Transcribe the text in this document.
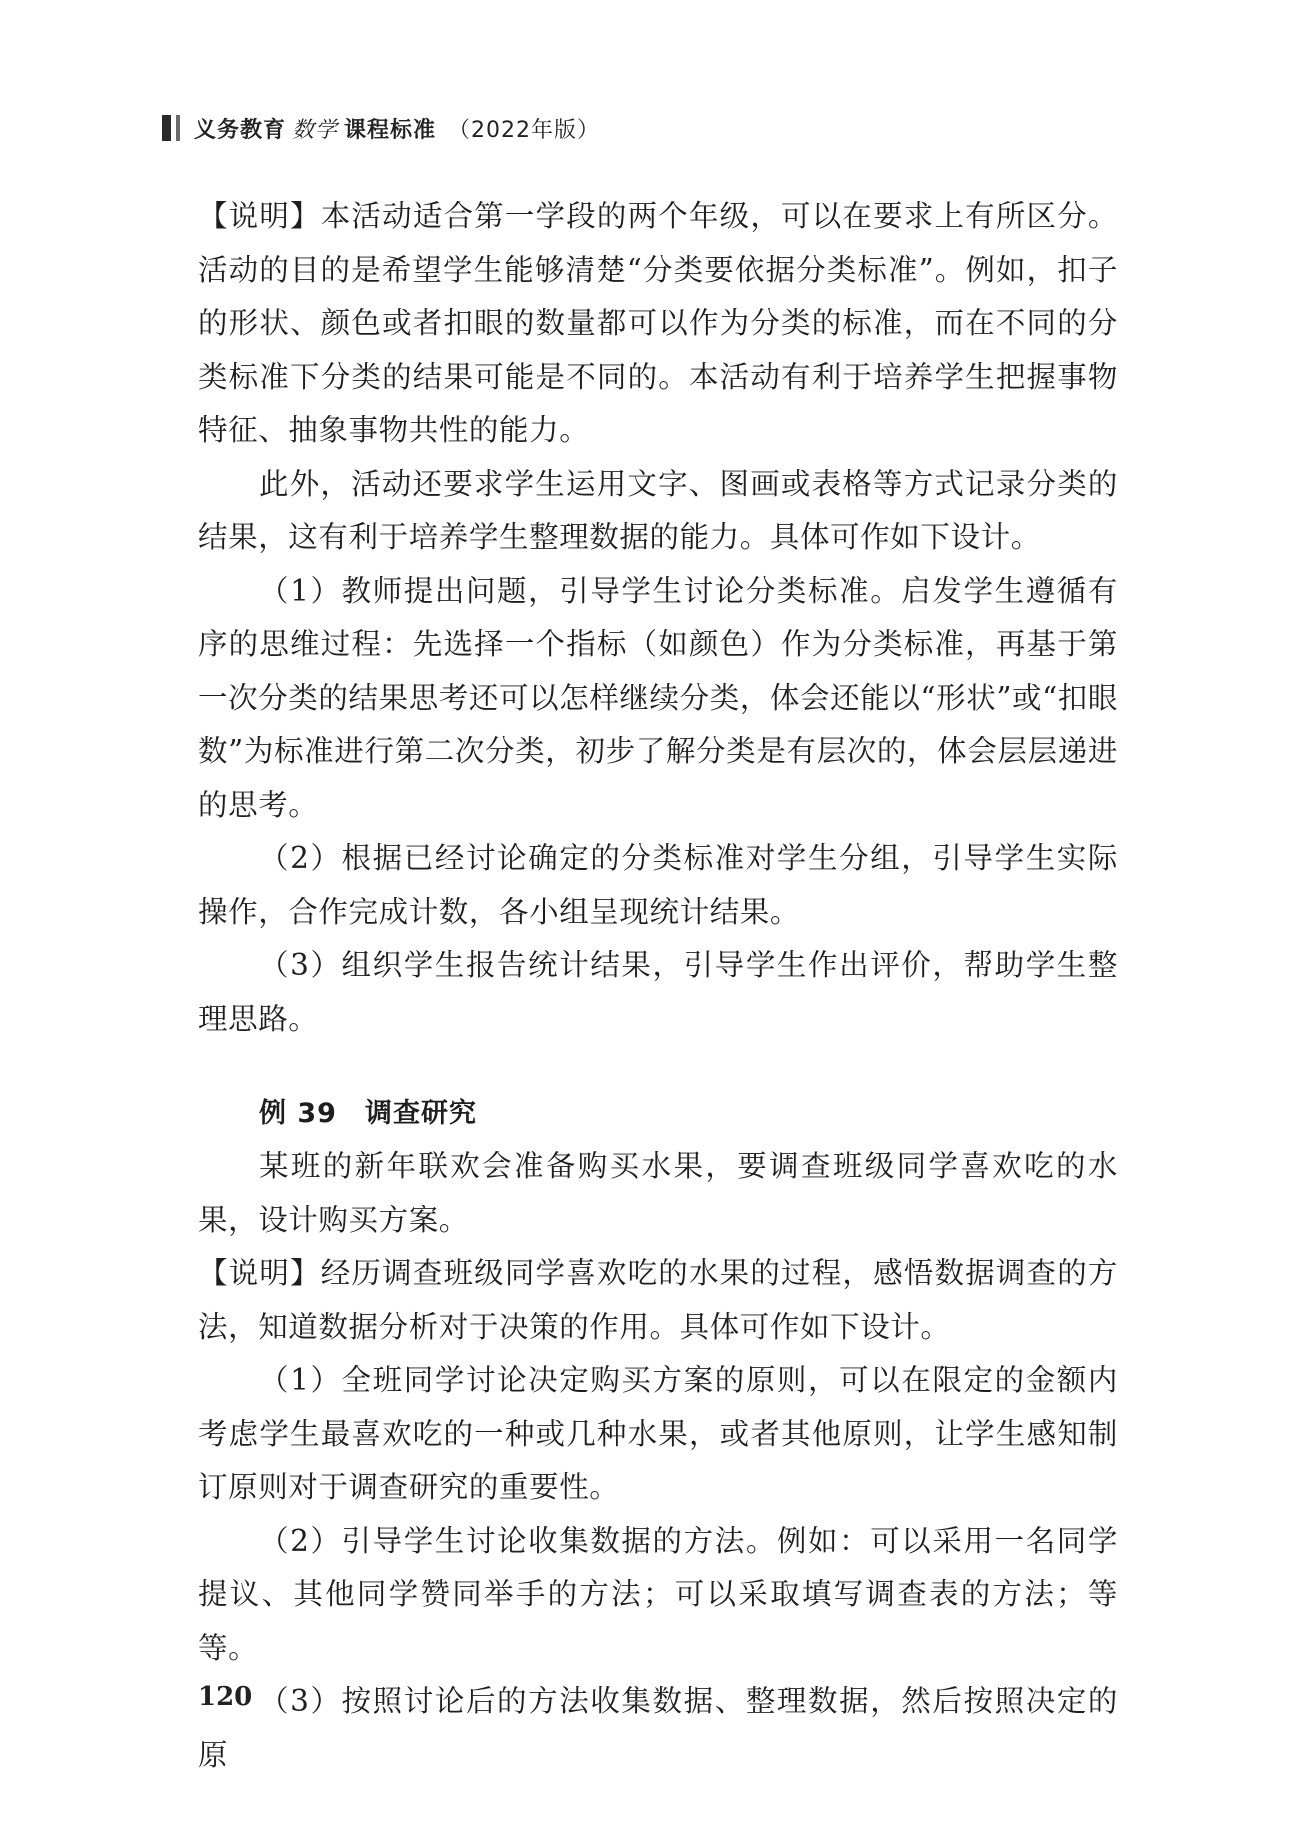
义务教育 数学 课程标准 （2022年版）

【说明】本活动适合第一学段的两个年级，可以在要求上有所区分。活动的目的是希望学生能够清楚“分类要依据分类标准”。例如，扣子的形状、颜色或者扣眼的数量都可以作为分类的标准，而在不同的分类标准下分类的结果可能是不同的。本活动有利于培养学生把握事物特征、抽象事物共性的能力。

此外，活动还要求学生运用文字、图画或表格等方式记录分类的结果，这有利于培养学生整理数据的能力。具体可作如下设计。

（1）教师提出问题，引导学生讨论分类标准。启发学生遵循有序的思维过程：先选择一个指标（如颜色）作为分类标准，再基于第一次分类的结果思考还可以怎样继续分类，体会还能以“形状”或“扣眼数”为标准进行第二次分类，初步了解分类是有层次的，体会层层递进的思考。

（2）根据已经讨论确定的分类标准对学生分组，引导学生实际操作，合作完成计数，各小组呈现统计结果。

（3）组织学生报告统计结果，引导学生作出评价，帮助学生整理思路。

例 39　调查研究

某班的新年联欢会准备购买水果，要调查班级同学喜欢吃的水果，设计购买方案。

【说明】经历调查班级同学喜欢吃的水果的过程，感悟数据调查的方法，知道数据分析对于决策的作用。具体可作如下设计。

（1）全班同学讨论决定购买方案的原则，可以在限定的金额内考虑学生最喜欢吃的一种或几种水果，或者其他原则，让学生感知制订原则对于调查研究的重要性。

（2）引导学生讨论收集数据的方法。例如：可以采用一名同学提议、其他同学赞同举手的方法；可以采取填写调查表的方法；等等。

（3）按照讨论后的方法收集数据、整理数据，然后按照决定的原

120
